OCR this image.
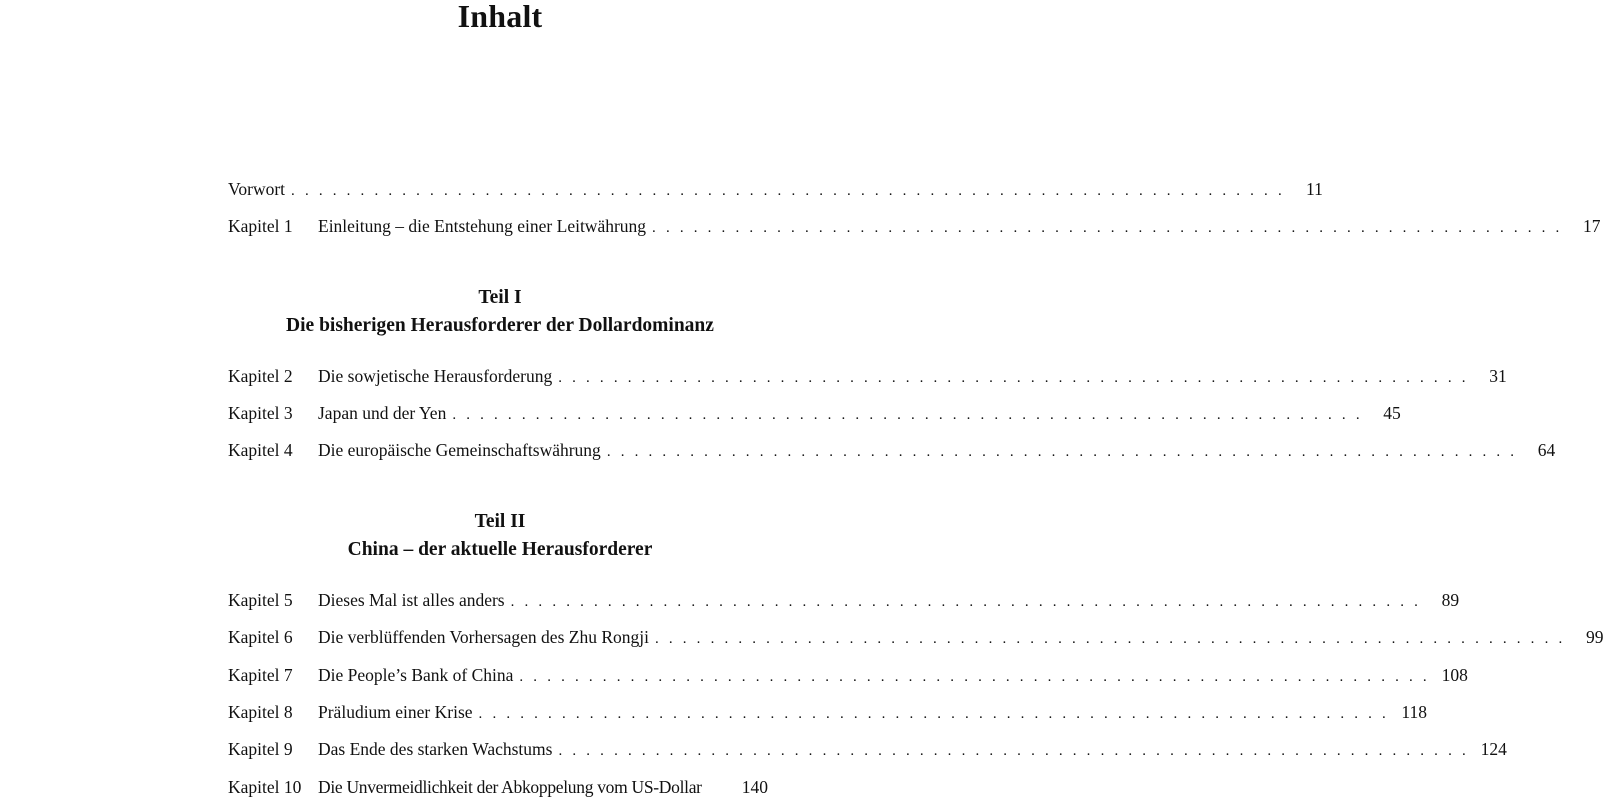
Inhalt
Vorwort . . . . . . . . . . . . . . . . . . . . . . . . . . . . . . . . . . . . . . . . . . . . . . . . . . . . . . . . . . . . . . . . . . . . . . . .	11
Kapitel 1	Einleitung – die Entstehung einer Leitwährung . . . . . . . . . . . . . . . . . . . . . . . . . . . . . . . . . . . . . . . . . . . . . . . . . . . . . . . . . . . . . . . . . .	17
Kapitel 2	Die sowjetische Herausforderung . . . . . . . . . . . . . . . . . . . . . . . . . . . . . . . . . . . . . . . . . . . . . . . . . . . . . . . . . . . . . . . . . .	31
Kapitel 3	Japan und der Yen . . . . . . . . . . . . . . . . . . . . . . . . . . . . . . . . . . . . . . . . . . . . . . . . . . . . . . . . . . . . . . . . . .	45
Kapitel 4	Die europäische Gemeinschaftswährung . . . . . . . . . . . . . . . . . . . . . . . . . . . . . . . . . . . . . . . . . . . . . . . . . . . . . . . . . . . . . . . . . .	64
Kapitel 5	Dieses Mal ist alles anders . . . . . . . . . . . . . . . . . . . . . . . . . . . . . . . . . . . . . . . . . . . . . . . . . . . . . . . . . . . . . . . . . .	89
Kapitel 6	Die verblüffenden Vorhersagen des Zhu Rongji . . . . . . . . . . . . . . . . . . . . . . . . . . . . . . . . . . . . . . . . . . . . . . . . . . . . . . . . . . . . . . . . . .	99
Kapitel 7	Die People’s Bank of China . . . . . . . . . . . . . . . . . . . . . . . . . . . . . . . . . . . . . . . . . . . . . . . . . . . . . . . . . . . . . . . . . . 108
Kapitel 8	Präludium einer Krise . . . . . . . . . . . . . . . . . . . . . . . . . . . . . . . . . . . . . . . . . . . . . . . . . . . . . . . . . . . . . . . . . . 118
Kapitel 9	Das Ende des starken Wachstums . . . . . . . . . . . . . . . . . . . . . . . . . . . . . . . . . . . . . . . . . . . . . . . . . . . . . . . . . . . . . . . . . . 124
Kapitel 10 Die Unvermeidlichkeit der Abkoppelung vom US-Dollar	140
Teil I
Die bisherigen Herausforderer der Dollardominanz
Teil II
China – der aktuelle Herausforderer
